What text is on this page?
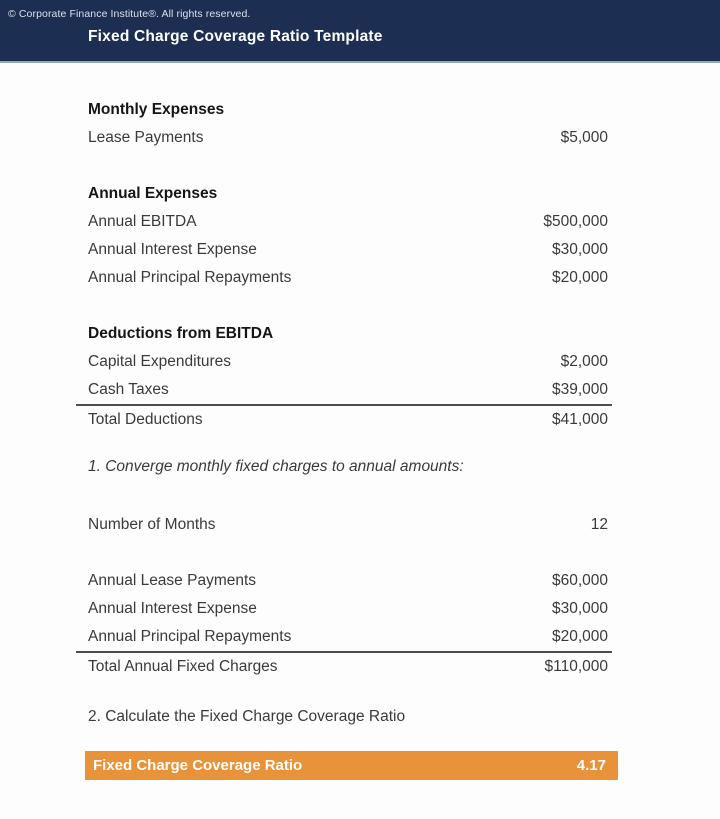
© Corporate Finance Institute®. All rights reserved.
Fixed Charge Coverage Ratio Template
Monthly Expenses
Lease Payments	$5,000
Annual Expenses
Annual EBITDA	$500,000
Annual Interest Expense	$30,000
Annual Principal Repayments	$20,000
Deductions from EBITDA
Capital Expenditures	$2,000
Cash Taxes	$39,000
Total Deductions	$41,000
1. Converge monthly fixed charges to annual amounts:
Number of Months	12
Annual Lease Payments	$60,000
Annual Interest Expense	$30,000
Annual Principal Repayments	$20,000
Total Annual Fixed Charges	$110,000
2. Calculate the Fixed Charge Coverage Ratio
Fixed Charge Coverage Ratio	4.17
